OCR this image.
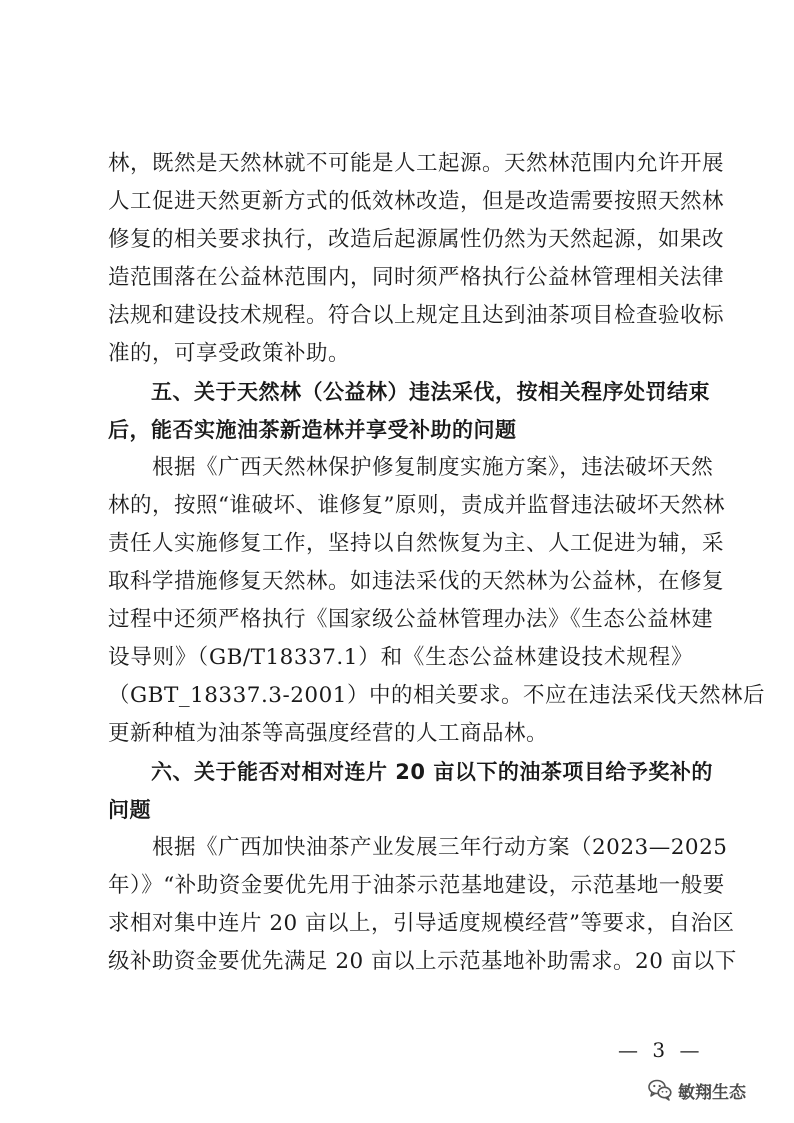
林，既然是天然林就不可能是人工起源。天然林范围内允许开展
人工促进天然更新方式的低效林改造，但是改造需要按照天然林
修复的相关要求执行，改造后起源属性仍然为天然起源，如果改
造范围落在公益林范围内，同时须严格执行公益林管理相关法律
法规和建设技术规程。符合以上规定且达到油茶项目检查验收标
准的，可享受政策补助。
　　五、关于天然林（公益林）违法采伐，按相关程序处罚结束
后，能否实施油茶新造林并享受补助的问题
　　根据《广西天然林保护修复制度实施方案》，违法破坏天然
林的，按照“谁破坏、谁修复”原则，责成并监督违法破坏天然林
责任人实施修复工作，坚持以自然恢复为主、人工促进为辅，采
取科学措施修复天然林。如违法采伐的天然林为公益林，在修复
过程中还须严格执行《国家级公益林管理办法》《生态公益林建
设导则》（GB/T18337.1）和《生态公益林建设技术规程》
（GBT_18337.3-2001）中的相关要求。不应在违法采伐天然林后
更新种植为油茶等高强度经营的人工商品林。
　　六、关于能否对相对连片 20 亩以下的油茶项目给予奖补的
问题
　　根据《广西加快油茶产业发展三年行动方案（2023—2025
年）》“补助资金要优先用于油茶示范基地建设，示范基地一般要
求相对集中连片 20 亩以上，引导适度规模经营”等要求，自治区
级补助资金要优先满足 20 亩以上示范基地补助需求。20 亩以下
— 3 —
敏翔生态
